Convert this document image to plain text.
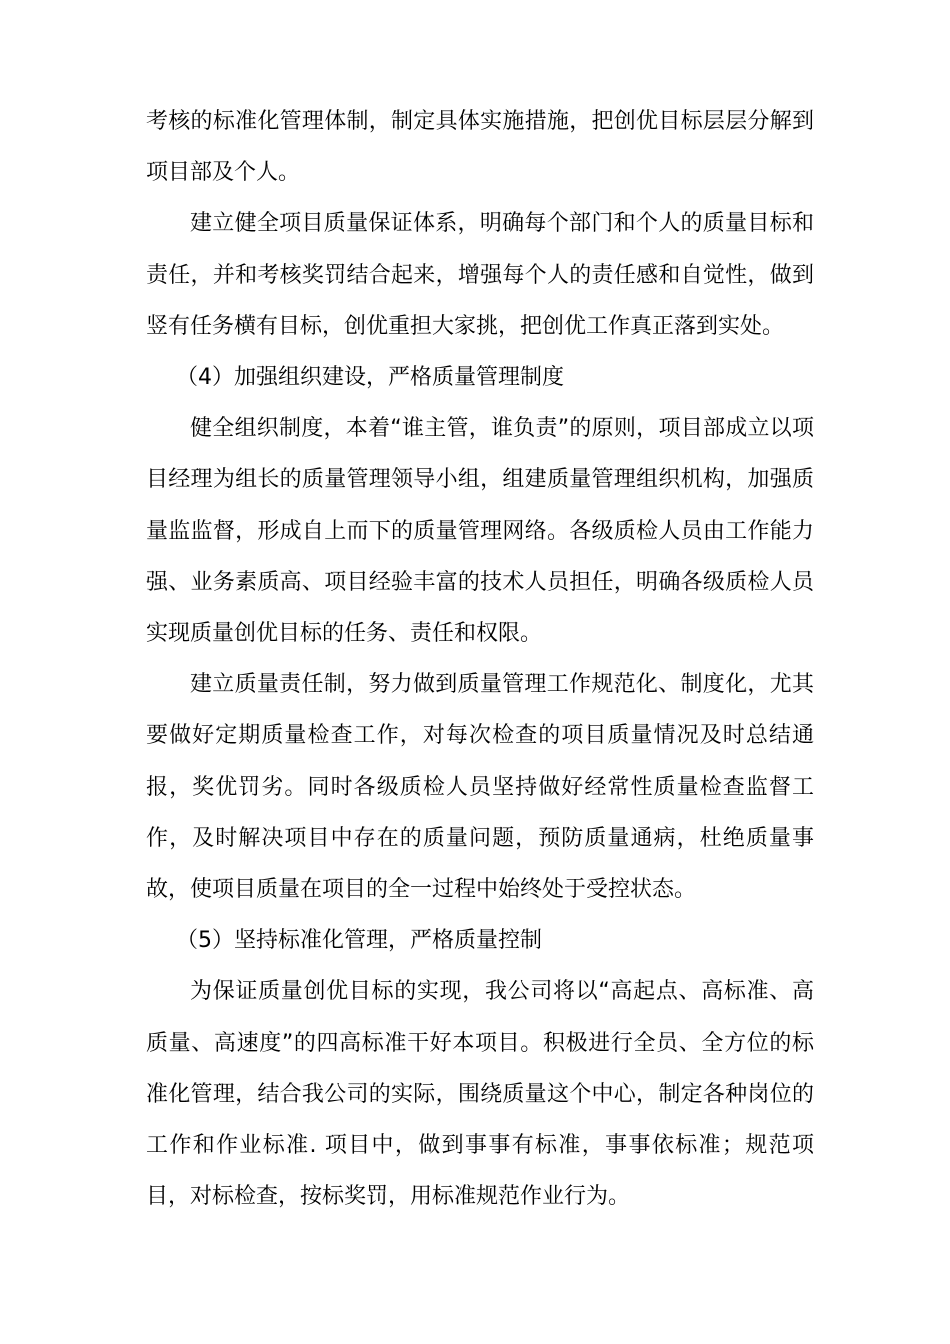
考核的标准化管理体制，制定具体实施措施，把创优目标层层分解到项目部及个人。

建立健全项目质量保证体系，明确每个部门和个人的质量目标和责任，并和考核奖罚结合起来，增强每个人的责任感和自觉性，做到竖有任务横有目标，创优重担大家挑，把创优工作真正落到实处。

（4）加强组织建设，严格质量管理制度

健全组织制度，本着“谁主管，谁负责”的原则，项目部成立以项目经理为组长的质量管理领导小组，组建质量管理组织机构，加强质量监监督，形成自上而下的质量管理网络。各级质检人员由工作能力强、业务素质高、项目经验丰富的技术人员担任，明确各级质检人员实现质量创优目标的任务、责任和权限。

建立质量责任制，努力做到质量管理工作规范化、制度化，尤其要做好定期质量检查工作，对每次检查的项目质量情况及时总结通报，奖优罚劣。同时各级质检人员坚持做好经常性质量检查监督工作，及时解决项目中存在的质量问题，预防质量通病，杜绝质量事故，使项目质量在项目的全一过程中始终处于受控状态。

（5）坚持标准化管理，严格质量控制

为保证质量创优目标的实现，我公司将以“高起点、高标准、高质量、高速度”的四高标准干好本项目。积极进行全员、全方位的标准化管理，结合我公司的实际，围绕质量这个中心，制定各种岗位的工作和作业标准. 项目中，做到事事有标准，事事依标准；规范项目，对标检查，按标奖罚，用标准规范作业行为。
